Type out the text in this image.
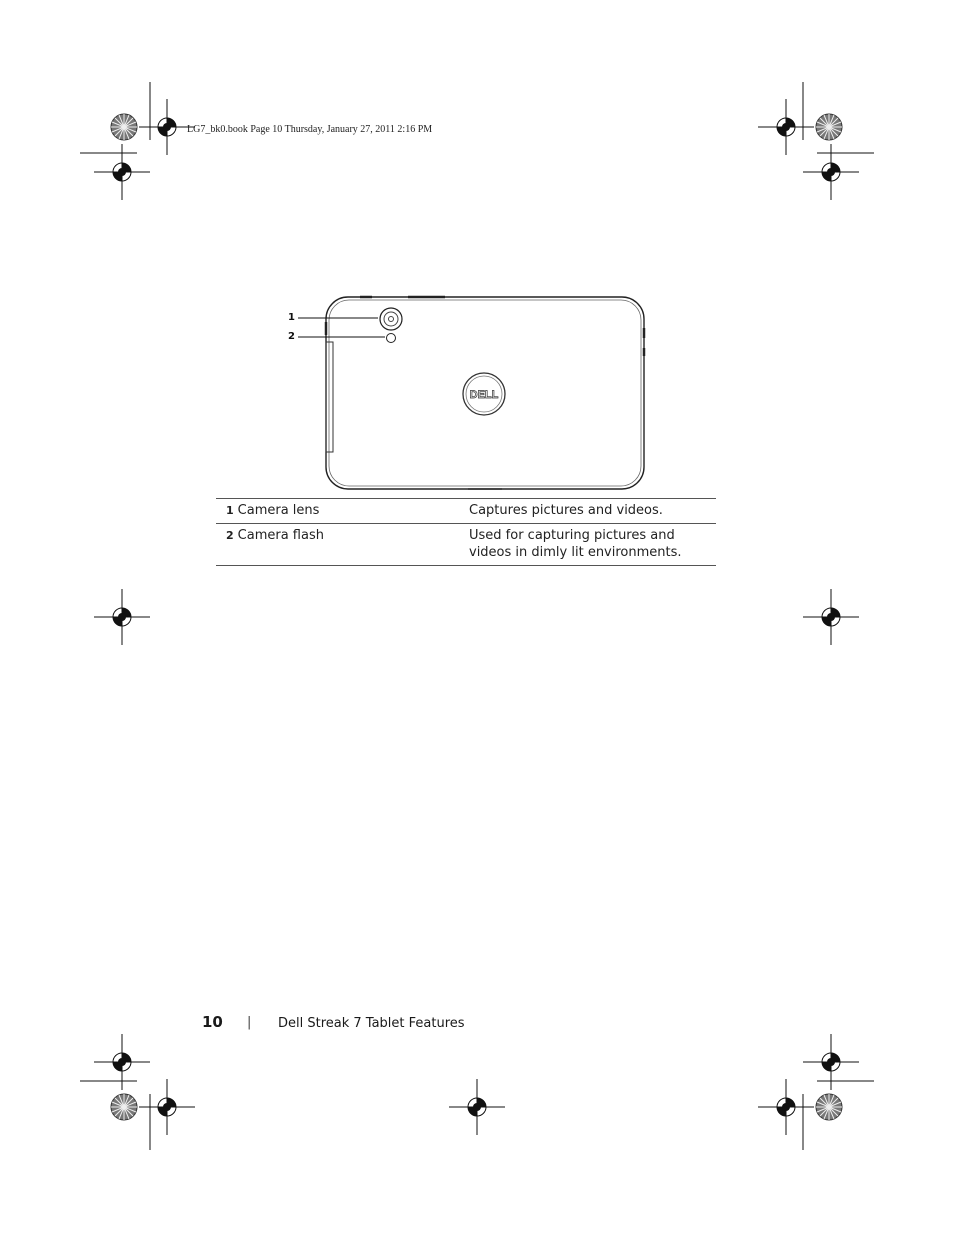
LG7_bk0.book Page 10 Thursday, January 27, 2011 2:16 PM
DELL
1
2
1 Camera lens	Captures pictures and videos.
2 Camera flash	Used for capturing pictures and videos in dimly lit environments.
10 | Dell Streak 7 Tablet Features
